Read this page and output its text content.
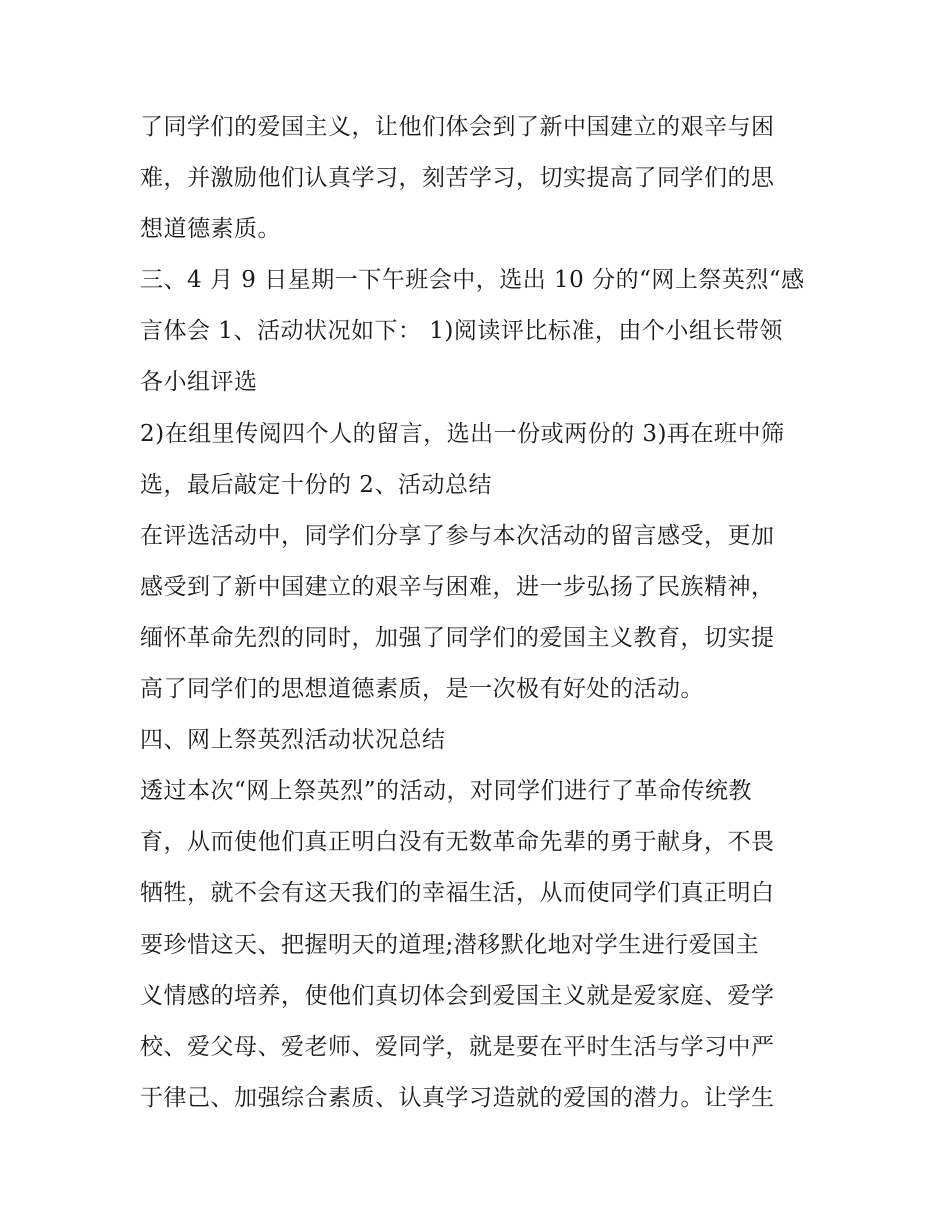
了同学们的爱国主义，让他们体会到了新中国建立的艰辛与困
难，并激励他们认真学习，刻苦学习，切实提高了同学们的思
想道德素质。
三、4 月 9 日星期一下午班会中，选出 10 分的“网上祭英烈“感
言体会 1、活动状况如下： 1)阅读评比标准，由个小组长带领
各小组评选
2)在组里传阅四个人的留言，选出一份或两份的 3)再在班中筛
选，最后敲定十份的 2、活动总结
在评选活动中，同学们分享了参与本次活动的留言感受，更加
感受到了新中国建立的艰辛与困难，进一步弘扬了民族精神，
缅怀革命先烈的同时，加强了同学们的爱国主义教育，切实提
高了同学们的思想道德素质，是一次极有好处的活动。
四、网上祭英烈活动状况总结
透过本次“网上祭英烈”的活动，对同学们进行了革命传统教
育，从而使他们真正明白没有无数革命先辈的勇于献身，不畏
牺牲，就不会有这天我们的幸福生活，从而使同学们真正明白
要珍惜这天、把握明天的道理;潜移默化地对学生进行爱国主
义情感的培养，使他们真切体会到爱国主义就是爱家庭、爱学
校、爱父母、爱老师、爱同学，就是要在平时生活与学习中严
于律己、加强综合素质、认真学习造就的爱国的潜力。让学生
